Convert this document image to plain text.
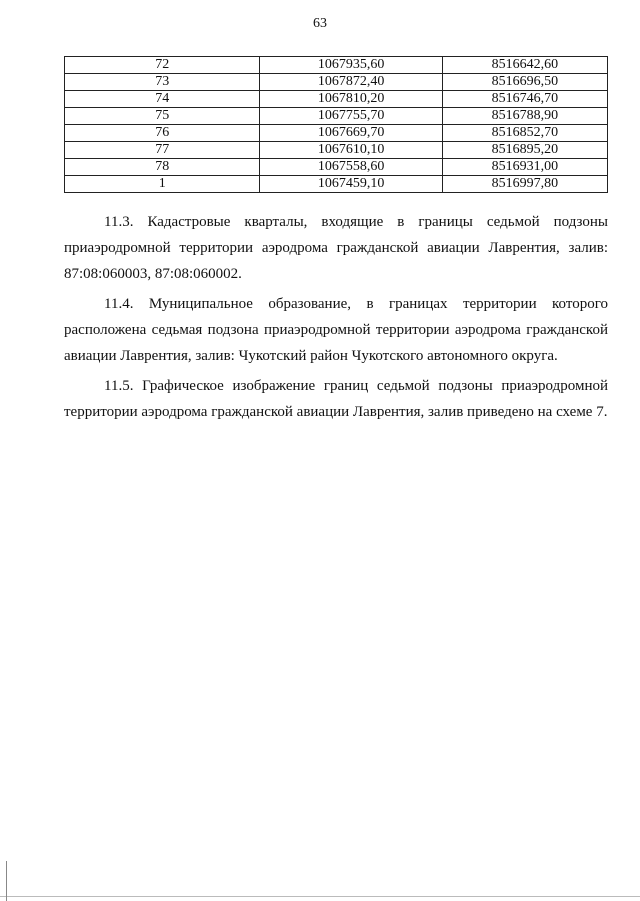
63
72	1067935,60	8516642,60
73	1067872,40	8516696,50
74	1067810,20	8516746,70
75	1067755,70	8516788,90
76	1067669,70	8516852,70
77	1067610,10	8516895,20
78	1067558,60	8516931,00
1	1067459,10	8516997,80

11.3. Кадастровые кварталы, входящие в границы седьмой подзоны приаэродромной территории аэродрома гражданской авиации Лаврентия, залив: 87:08:060003, 87:08:060002.

11.4. Муниципальное образование, в границах территории которого расположена седьмая подзона приаэродромной территории аэродрома гражданской авиации Лаврентия, залив: Чукотский район Чукотского автономного округа.

11.5. Графическое изображение границ седьмой подзоны приаэродромной территории аэродрома гражданской авиации Лаврентия, залив приведено на схеме 7.
